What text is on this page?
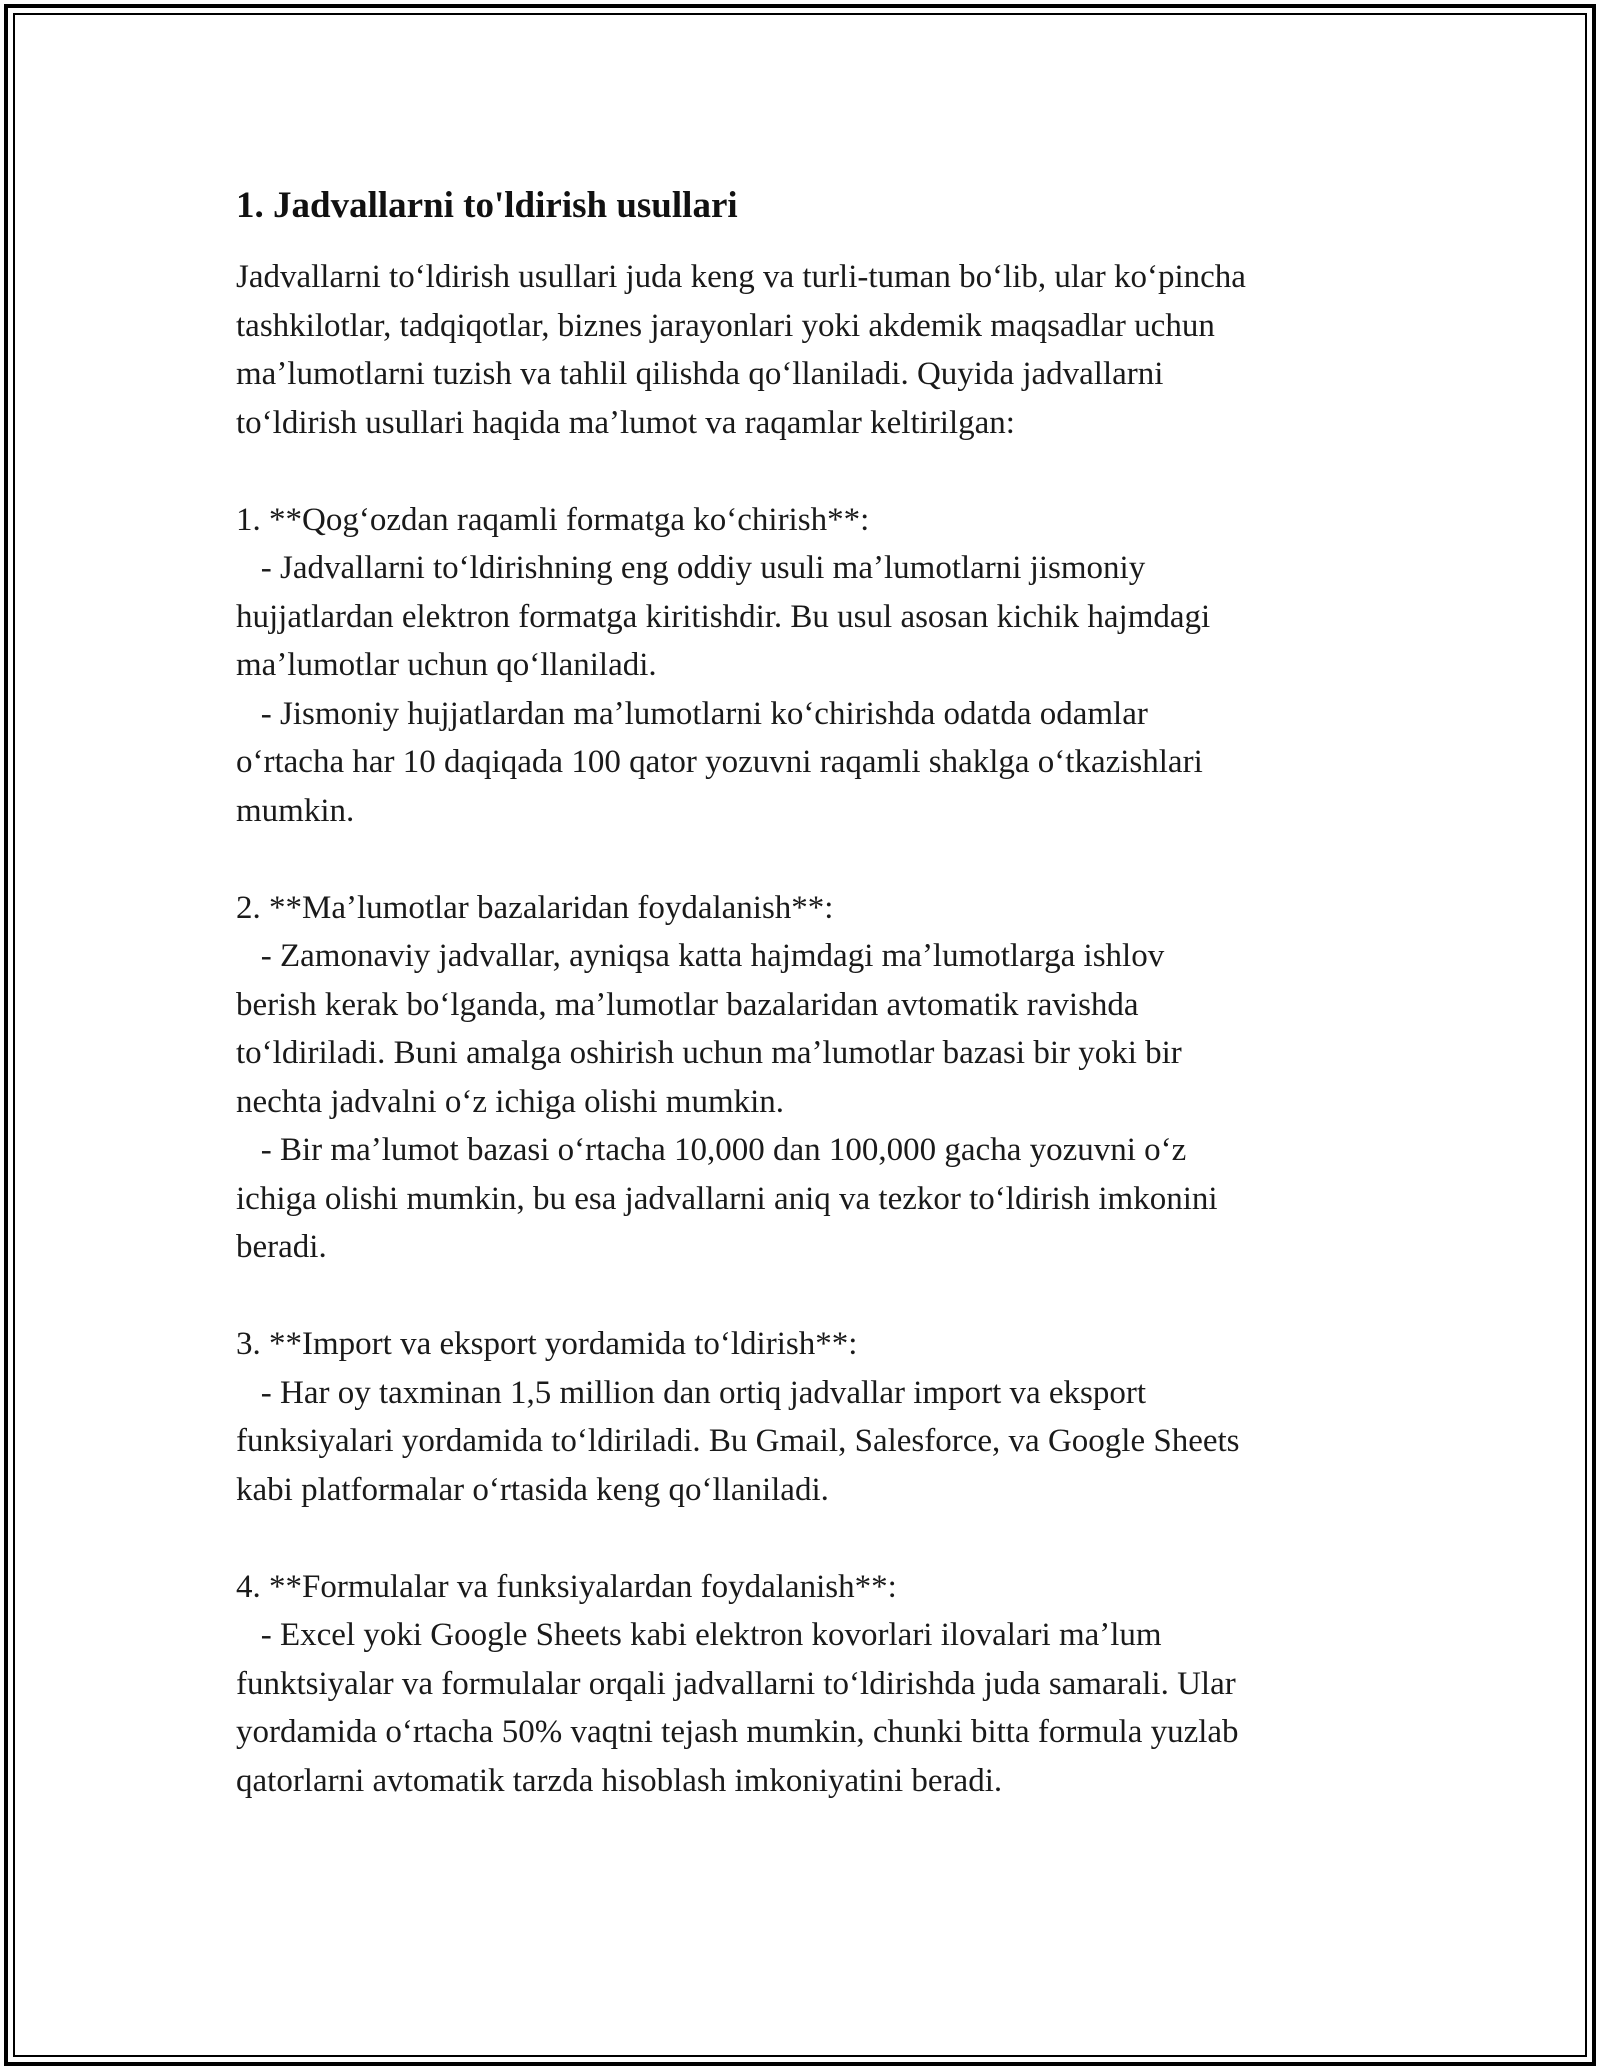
1. Jadvallarni to'ldirish usullari

Jadvallarni toʻldirish usullari juda keng va turli-tuman boʻlib, ular koʻpincha
tashkilotlar, tadqiqotlar, biznes jarayonlari yoki akdemik maqsadlar uchun
maʼlumotlarni tuzish va tahlil qilishda qoʻllaniladi. Quyida jadvallarni
toʻldirish usullari haqida maʼlumot va raqamlar keltirilgan:

1. **Qogʻozdan raqamli formatga koʻchirish**:
- Jadvallarni toʻldirishning eng oddiy usuli maʼlumotlarni jismoniy
hujjatlardan elektron formatga kiritishdir. Bu usul asosan kichik hajmdagi
maʼlumotlar uchun qoʻllaniladi.
- Jismoniy hujjatlardan maʼlumotlarni koʻchirishda odatda odamlar
oʻrtacha har 10 daqiqada 100 qator yozuvni raqamli shaklga oʻtkazishlari
mumkin.

2. **Maʼlumotlar bazalaridan foydalanish**:
- Zamonaviy jadvallar, ayniqsa katta hajmdagi maʼlumotlarga ishlov
berish kerak boʻlganda, maʼlumotlar bazalaridan avtomatik ravishda
toʻldiriladi. Buni amalga oshirish uchun maʼlumotlar bazasi bir yoki bir
nechta jadvalni oʻz ichiga olishi mumkin.
- Bir maʼlumot bazasi oʻrtacha 10,000 dan 100,000 gacha yozuvni oʻz
ichiga olishi mumkin, bu esa jadvallarni aniq va tezkor toʻldirish imkonini
beradi.

3. **Import va eksport yordamida toʻldirish**:
- Har oy taxminan 1,5 million dan ortiq jadvallar import va eksport
funksiyalari yordamida toʻldiriladi. Bu Gmail, Salesforce, va Google Sheets
kabi platformalar oʻrtasida keng qoʻllaniladi.

4. **Formulalar va funksiyalardan foydalanish**:
- Excel yoki Google Sheets kabi elektron kovorlari ilovalari maʼlum
funktsiyalar va formulalar orqali jadvallarni toʻldirishda juda samarali. Ular
yordamida oʻrtacha 50% vaqtni tejash mumkin, chunki bitta formula yuzlab
qatorlarni avtomatik tarzda hisoblash imkoniyatini beradi.
